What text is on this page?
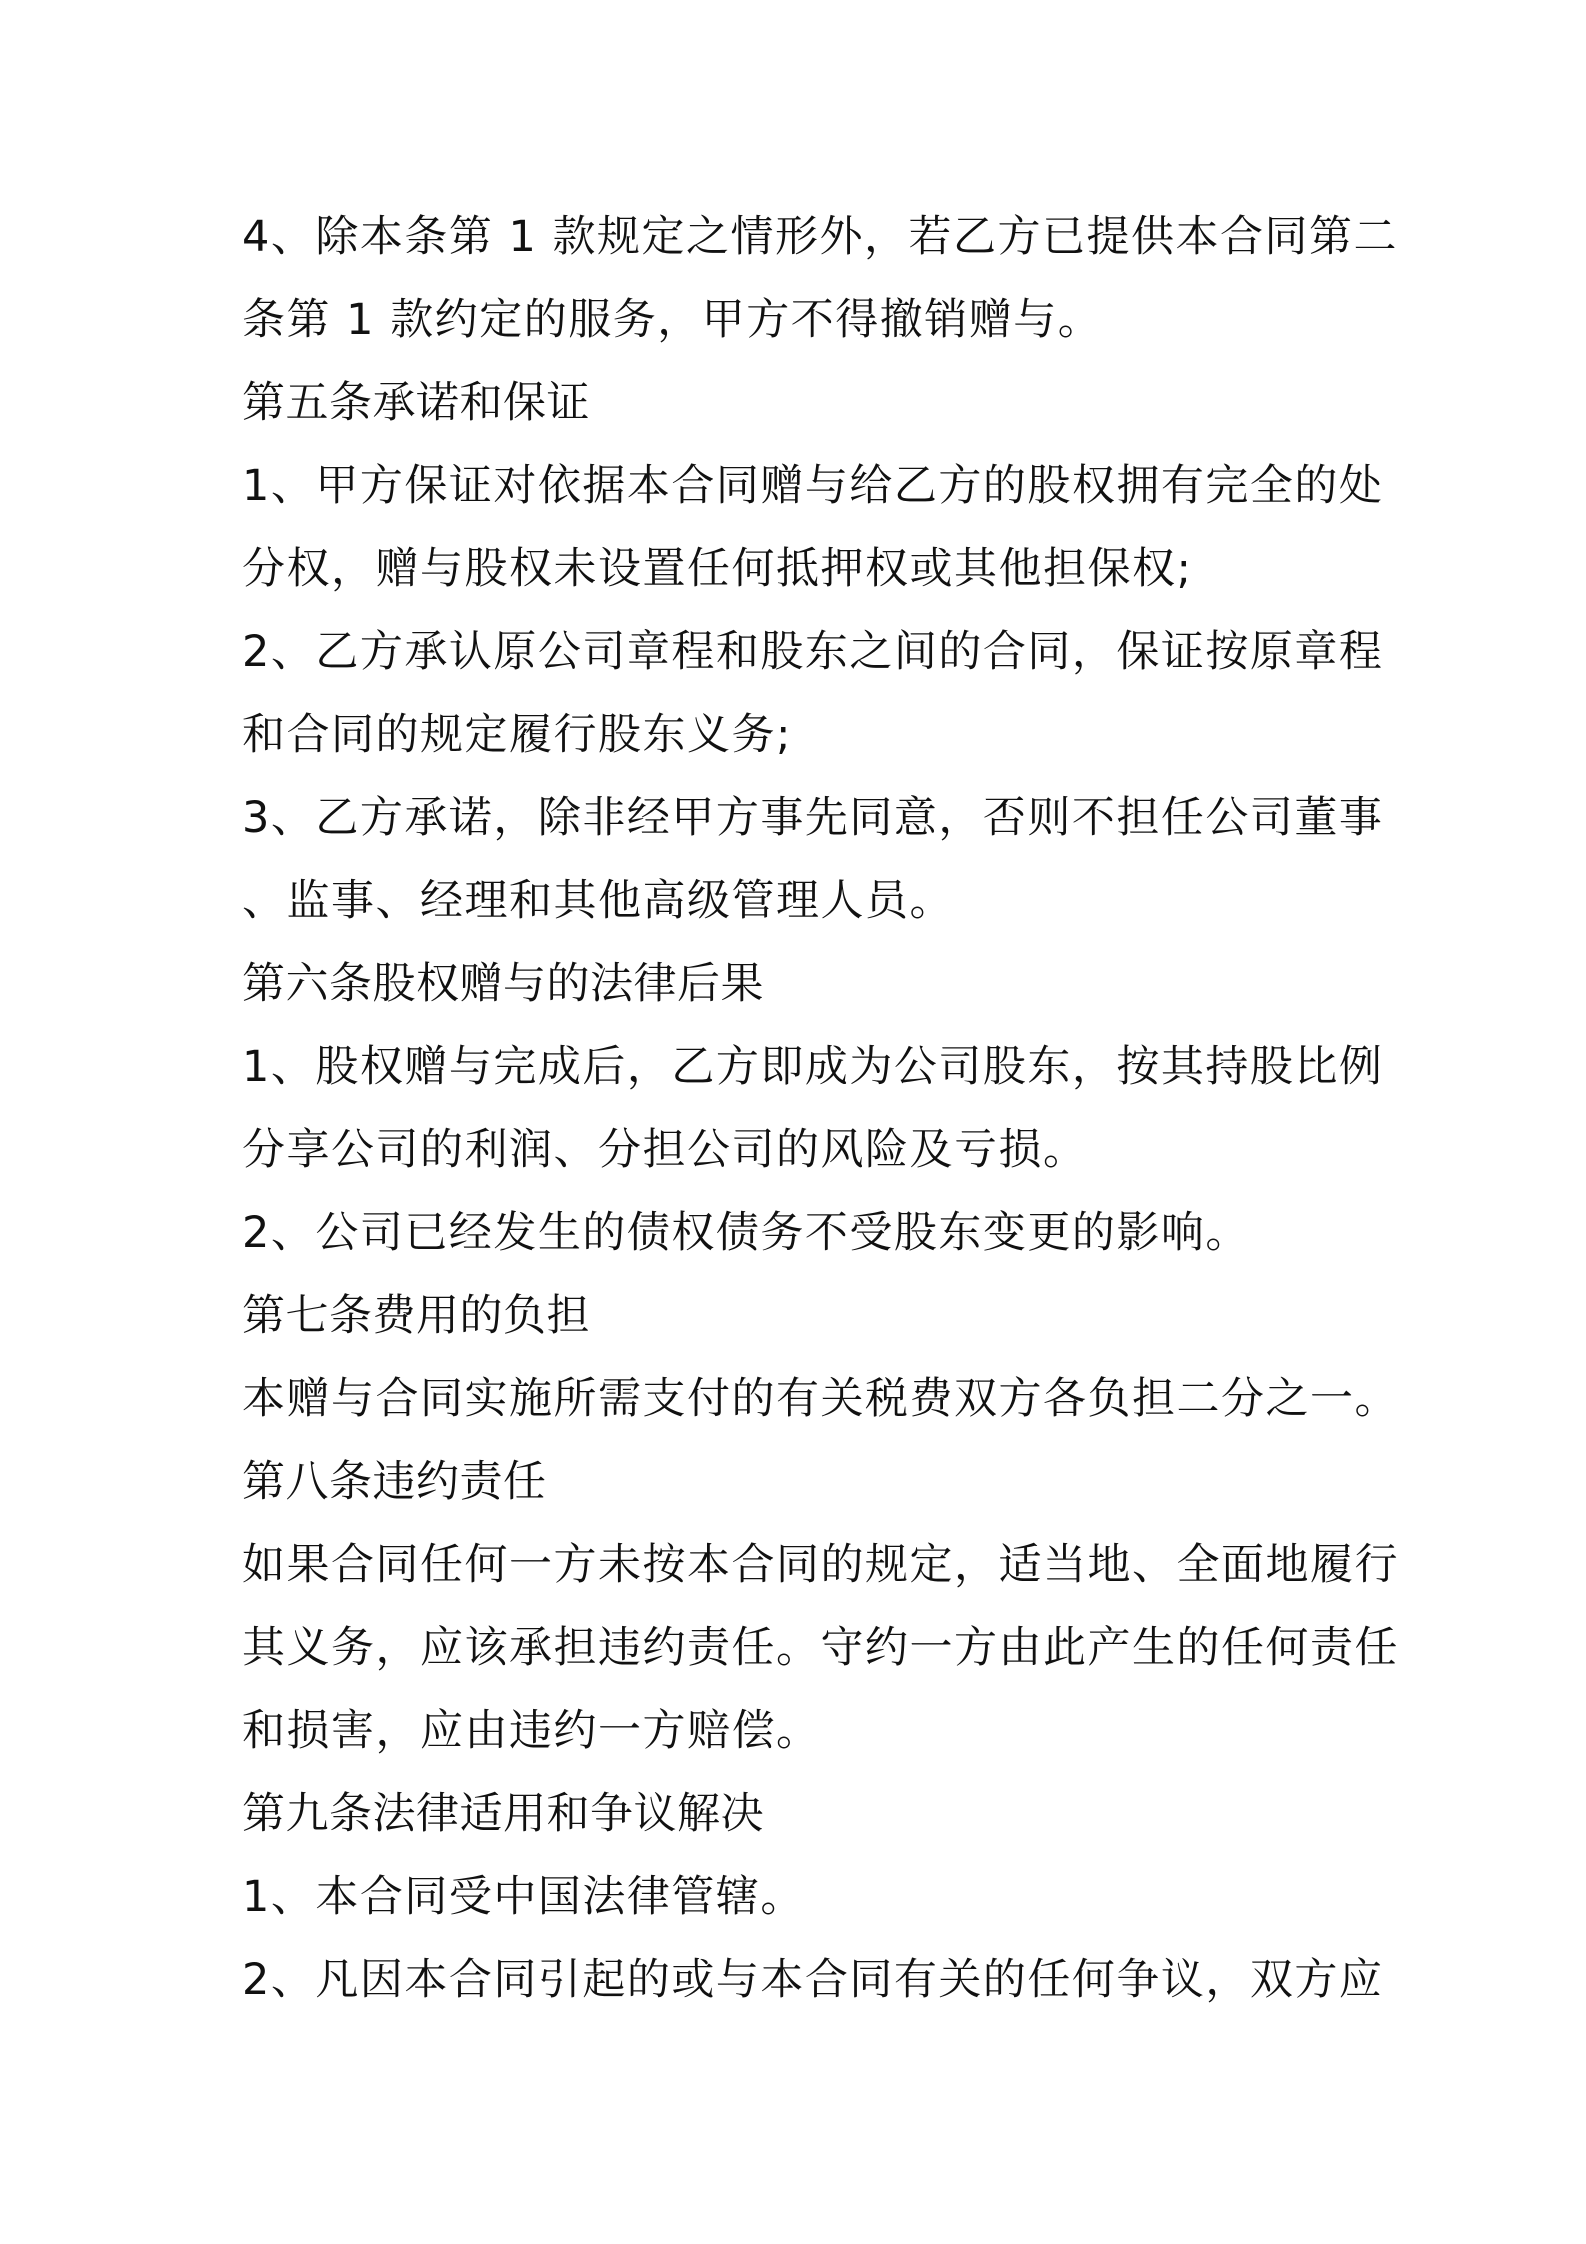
4、除本条第 1 款规定之情形外，若乙方已提供本合同第二

条第 1 款约定的服务，甲方不得撤销赠与。

第五条承诺和保证

1、甲方保证对依据本合同赠与给乙方的股权拥有完全的处

分权，赠与股权未设置任何抵押权或其他担保权;

2、乙方承认原公司章程和股东之间的合同，保证按原章程

和合同的规定履行股东义务;

3、乙方承诺，除非经甲方事先同意，否则不担任公司董事

、监事、经理和其他高级管理人员。

第六条股权赠与的法律后果

1、股权赠与完成后，乙方即成为公司股东，按其持股比例

分享公司的利润、分担公司的风险及亏损。

2、公司已经发生的债权债务不受股东变更的影响。

第七条费用的负担

本赠与合同实施所需支付的有关税费双方各负担二分之一。

第八条违约责任

如果合同任何一方未按本合同的规定，适当地、全面地履行

其义务，应该承担违约责任。守约一方由此产生的任何责任

和损害，应由违约一方赔偿。

第九条法律适用和争议解决

1、本合同受中国法律管辖。

2、凡因本合同引起的或与本合同有关的任何争议，双方应
